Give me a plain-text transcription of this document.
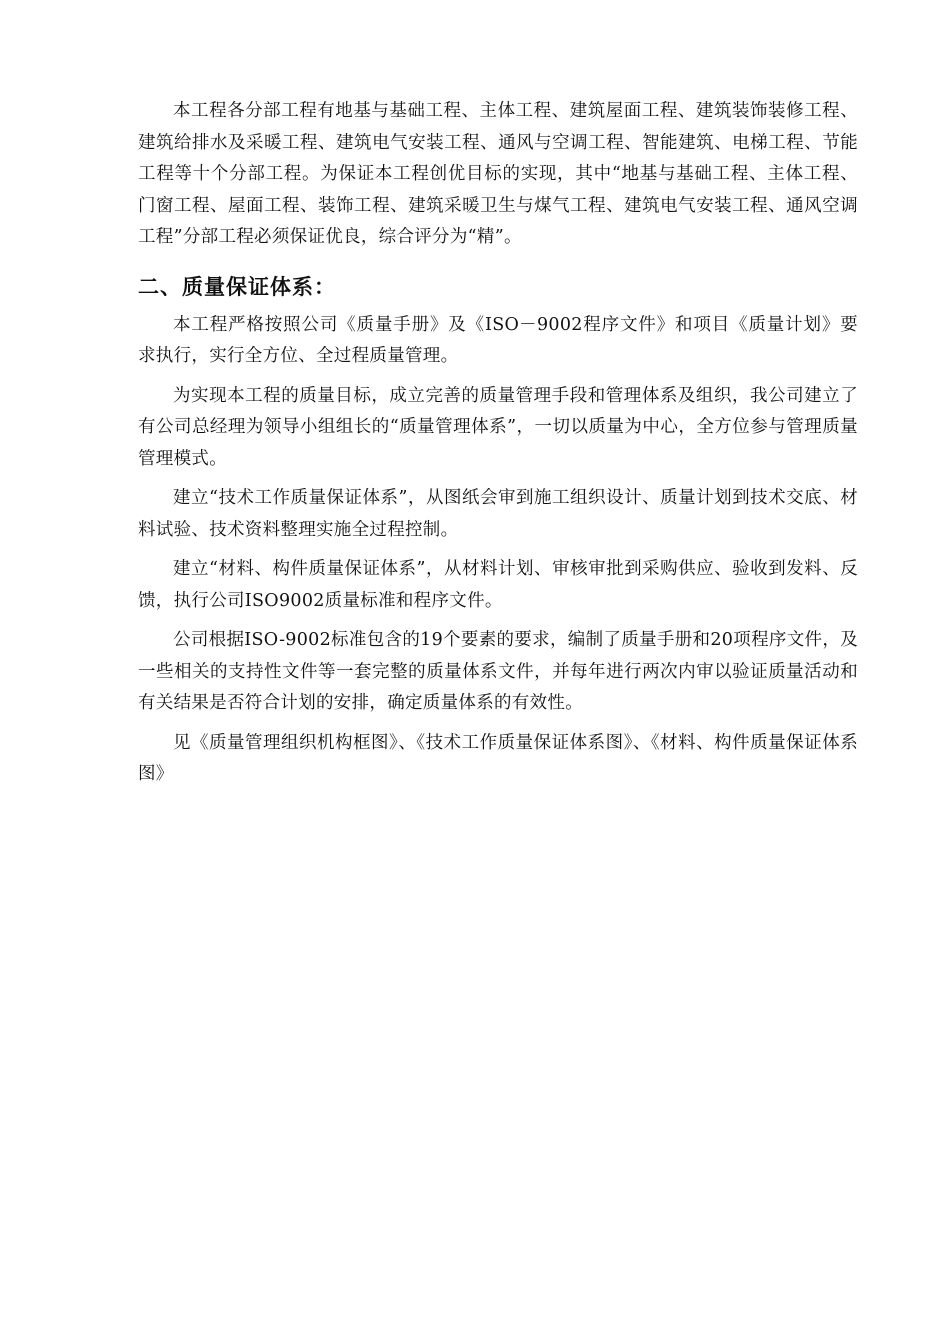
本工程各分部工程有地基与基础工程、主体工程、建筑屋面工程、建筑装饰装修工程、建筑给排水及采暖工程、建筑电气安装工程、通风与空调工程、智能建筑、电梯工程、节能工程等十个分部工程。为保证本工程创优目标的实现，其中“地基与基础工程、主体工程、门窗工程、屋面工程、装饰工程、建筑采暖卫生与煤气工程、建筑电气安装工程、通风空调工程”分部工程必须保证优良，综合评分为“精”。

二、质量保证体系：

本工程严格按照公司《质量手册》及《ISO－9002程序文件》和项目《质量计划》要求执行，实行全方位、全过程质量管理。

为实现本工程的质量目标，成立完善的质量管理手段和管理体系及组织，我公司建立了有公司总经理为领导小组组长的“质量管理体系”，一切以质量为中心，全方位参与管理质量管理模式。

建立“技术工作质量保证体系”，从图纸会审到施工组织设计、质量计划到技术交底、材料试验、技术资料整理实施全过程控制。

建立“材料、构件质量保证体系”，从材料计划、审核审批到采购供应、验收到发料、反馈，执行公司ISO9002质量标准和程序文件。

公司根据ISO-9002标准包含的19个要素的要求，编制了质量手册和20项程序文件，及一些相关的支持性文件等一套完整的质量体系文件，并每年进行两次内审以验证质量活动和有关结果是否符合计划的安排，确定质量体系的有效性。

见《质量管理组织机构框图》、《技术工作质量保证体系图》、《材料、构件质量保证体系图》
